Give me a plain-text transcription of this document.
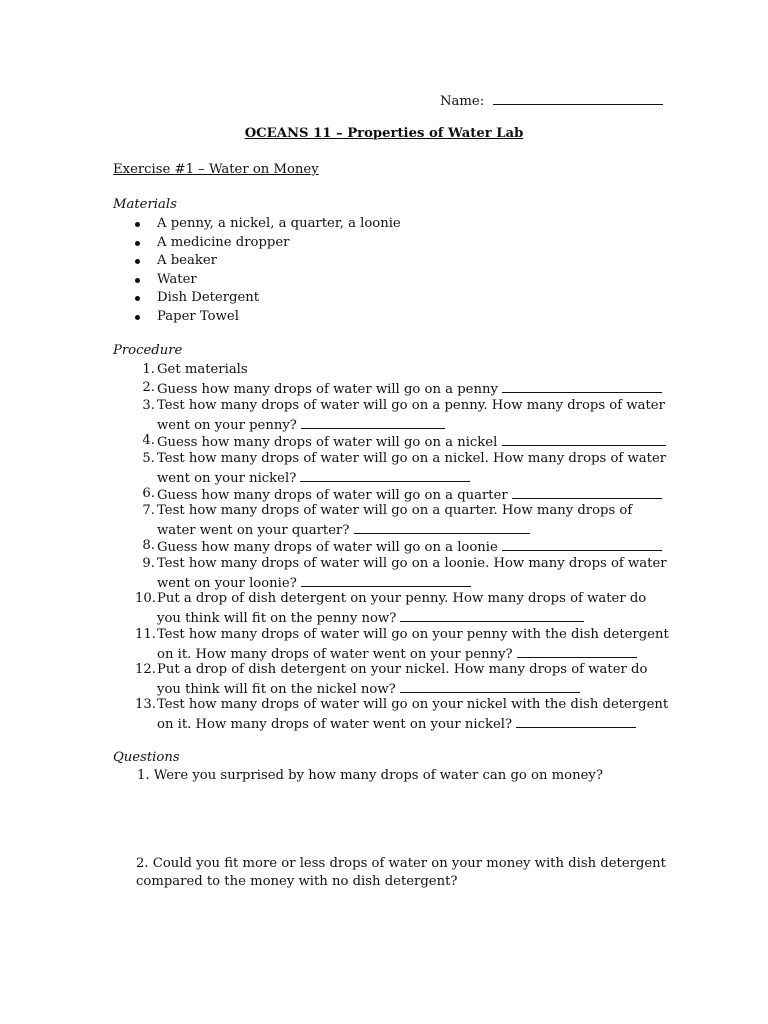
Name:
OCEANS 11 – Properties of Water Lab
Exercise #1 – Water on Money
Materials
A penny, a nickel, a quarter, a loonie
A medicine dropper
A beaker
Water
Dish Detergent
Paper Towel
Procedure
1. Get materials
2. Guess how many drops of water will go on a penny
3. Test how many drops of water will go on a penny. How many drops of water
went on your penny?
4. Guess how many drops of water will go on a nickel
5. Test how many drops of water will go on a nickel. How many drops of water
went on your nickel?
6. Guess how many drops of water will go on a quarter
7. Test how many drops of water will go on a quarter. How many drops of
water went on your quarter?
8. Guess how many drops of water will go on a loonie
9. Test how many drops of water will go on a loonie. How many drops of water
went on your loonie?
10. Put a drop of dish detergent on your penny. How many drops of water do
you think will fit on the penny now?
11. Test how many drops of water will go on your penny with the dish detergent
on it. How many drops of water went on your penny?
12. Put a drop of dish detergent on your nickel. How many drops of water do
you think will fit on the nickel now?
13. Test how many drops of water will go on your nickel with the dish detergent
on it. How many drops of water went on your nickel?
Questions
1. Were you surprised by how many drops of water can go on money?
2. Could you fit more or less drops of water on your money with dish detergent
compared to the money with no dish detergent?
